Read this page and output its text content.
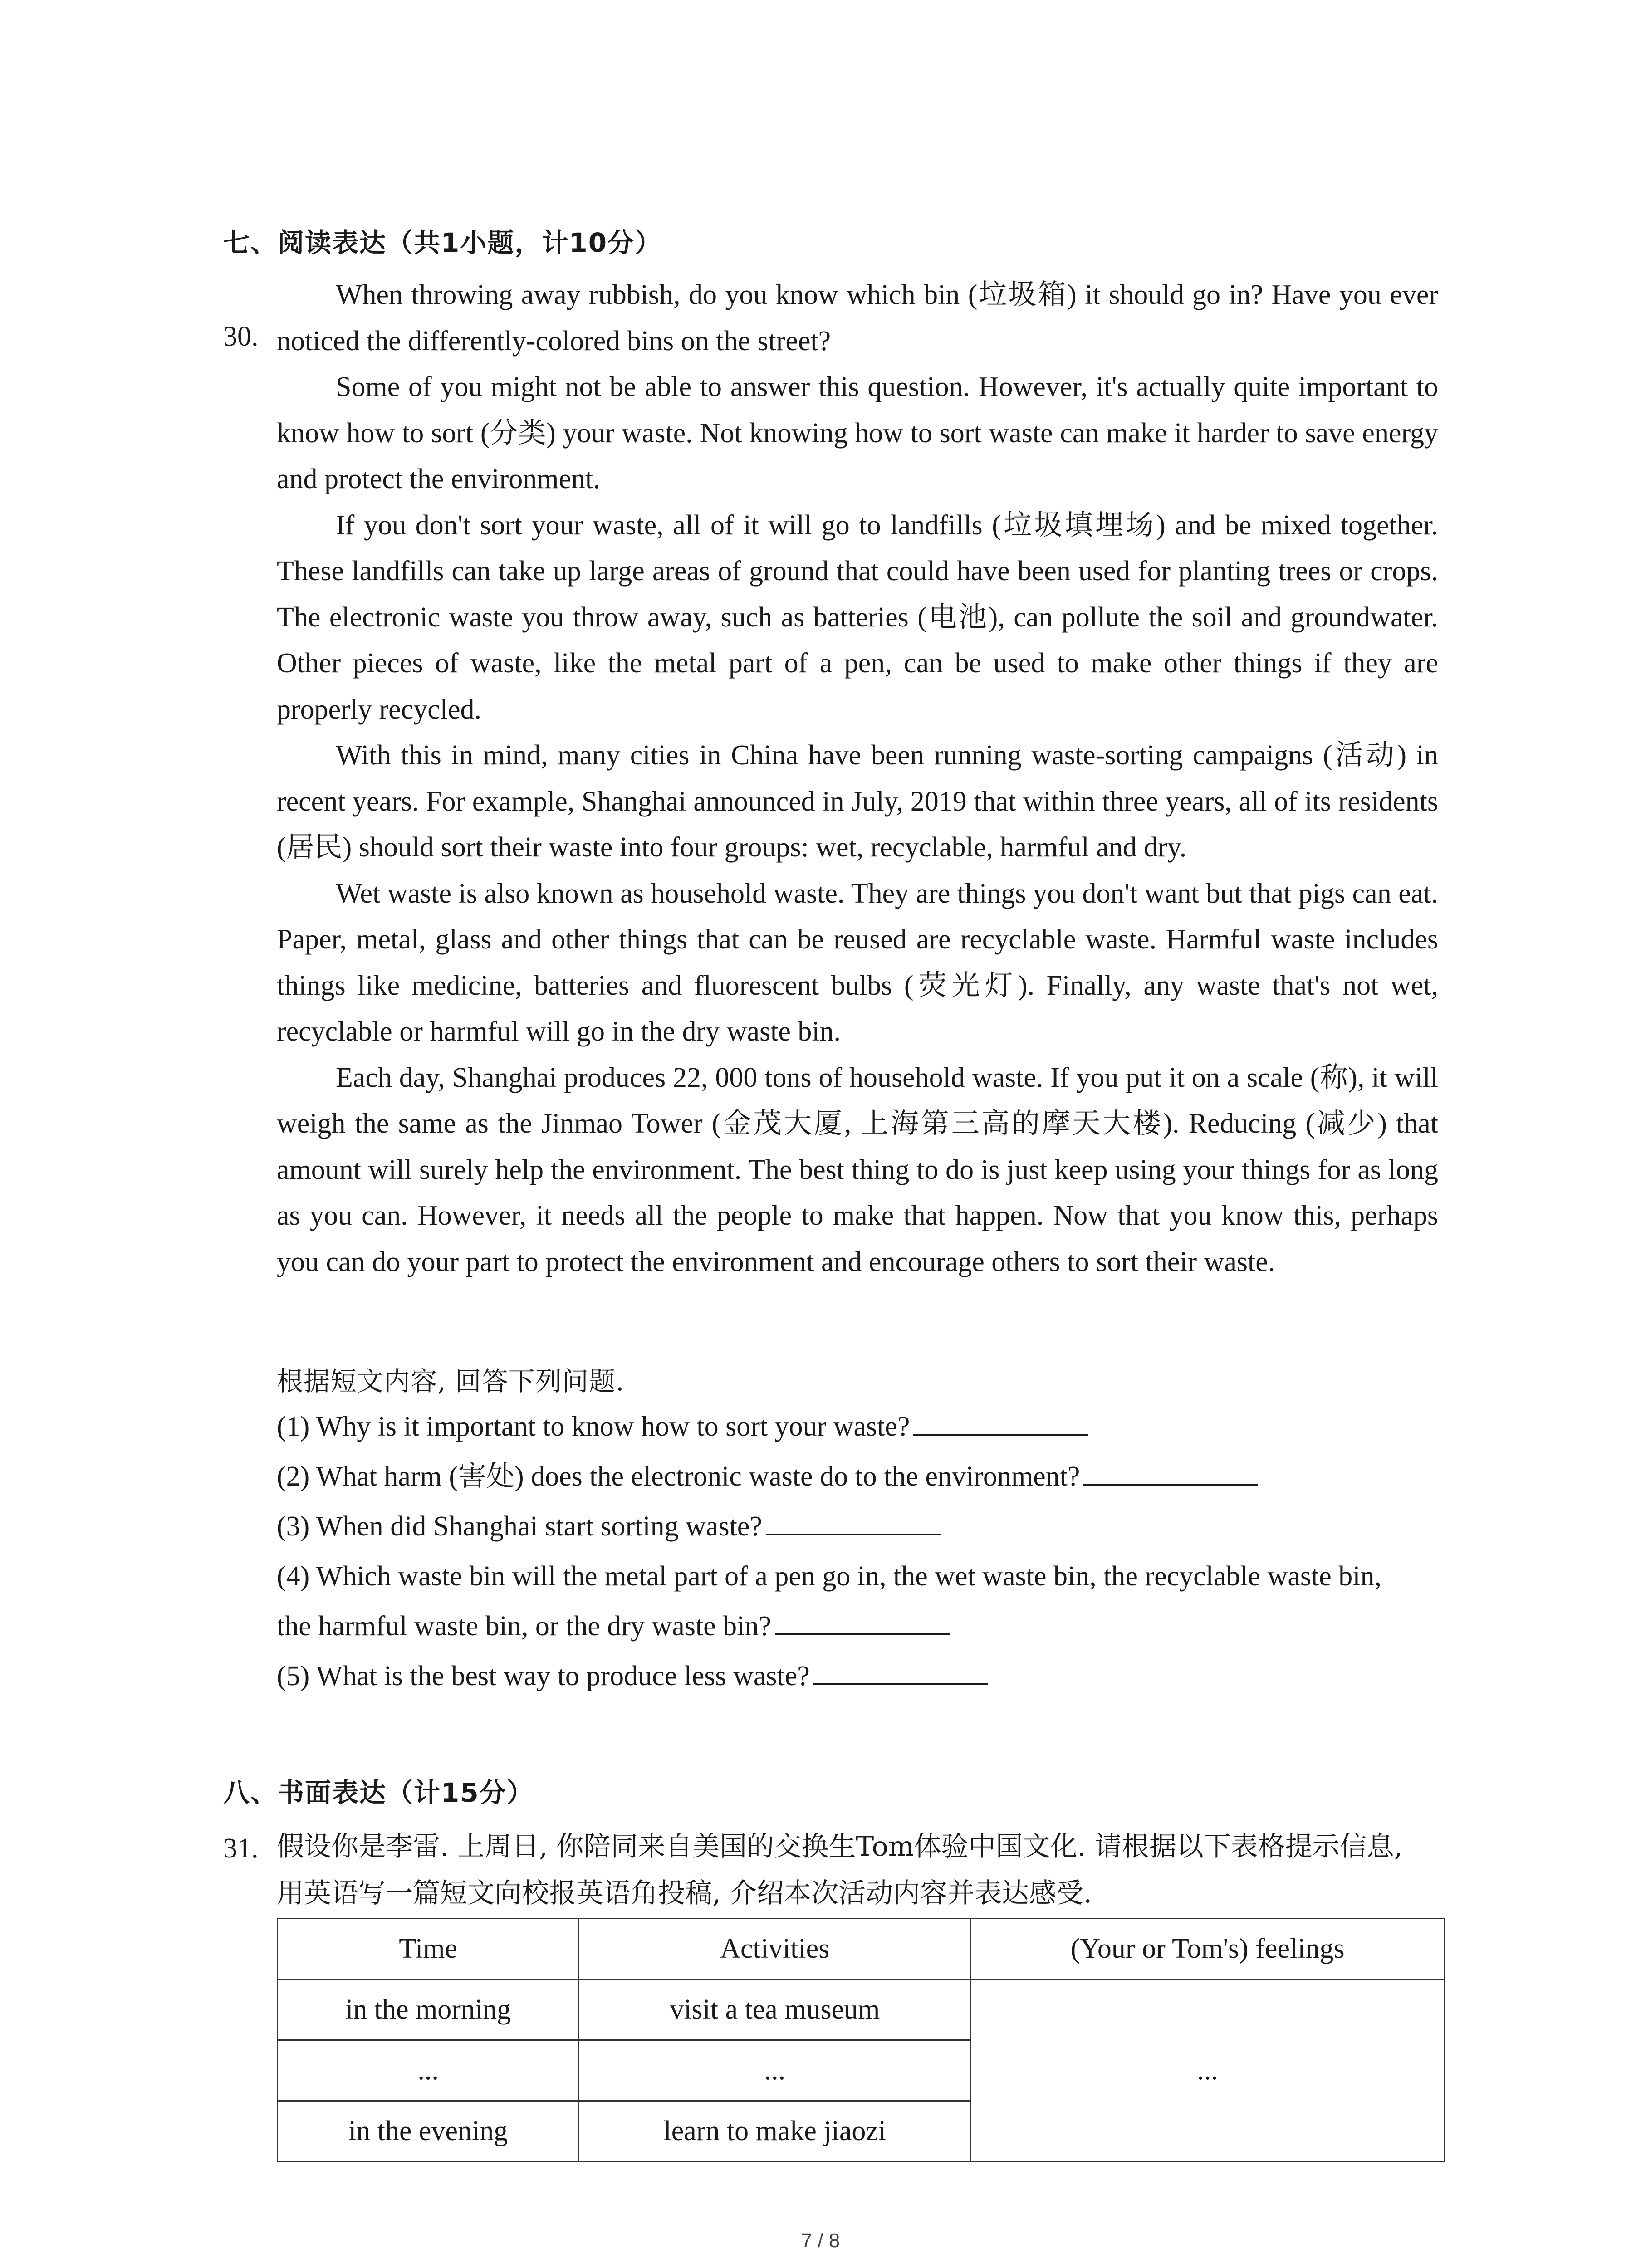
七、阅读表达（共1小题，计10分）
30.

When throwing away rubbish, do you know which bin (垃圾箱) it should go in? Have you ever noticed the differently-colored bins on the street?

Some of you might not be able to answer this question. However, it's actually quite important to know how to sort (分类) your waste. Not knowing how to sort waste can make it harder to save energy and protect the environment.

If you don't sort your waste, all of it will go to landfills (垃圾填埋场) and be mixed together. These landfills can take up large areas of ground that could have been used for planting trees or crops. The electronic waste you throw away, such as batteries (电池), can pollute the soil and groundwater. Other pieces of waste, like the metal part of a pen, can be used to make other things if they are properly recycled.

With this in mind, many cities in China have been running waste-sorting campaigns (活动) in recent years. For example, Shanghai announced in July, 2019 that within three years, all of its residents (居民) should sort their waste into four groups: wet, recyclable, harmful and dry.

Wet waste is also known as household waste. They are things you don't want but that pigs can eat. Paper, metal, glass and other things that can be reused are recyclable waste. Harmful waste includes things like medicine, batteries and fluorescent bulbs (荧光灯). Finally, any waste that's not wet, recyclable or harmful will go in the dry waste bin.

Each day, Shanghai produces 22, 000 tons of household waste. If you put it on a scale (称), it will weigh the same as the Jinmao Tower (金茂大厦, 上海第三高的摩天大楼). Reducing (减少) that amount will surely help the environment. The best thing to do is just keep using your things for as long as you can. However, it needs all the people to make that happen. Now that you know this, perhaps you can do your part to protect the environment and encourage others to sort their waste.

根据短文内容, 回答下列问题.

(1) Why is it important to know how to sort your waste?

(2) What harm (害处) does the electronic waste do to the environment?

(3) When did Shanghai start sorting waste?

(4) Which waste bin will the metal part of a pen go in, the wet waste bin, the recyclable waste bin,

the harmful waste bin, or the dry waste bin?

(5) What is the best way to produce less waste?

八、书面表达（计15分）
31. 假设你是李雷. 上周日, 你陪同来自美国的交换生Tom体验中国文化. 请根据以下表格提示信息, 用英语写一篇短文向校报英语角投稿, 介绍本次活动内容并表达感受.

Time	Activities	(Your or Tom's) feelings
in the morning	visit a tea museum	...
...	...	
in the evening	learn to make jiaozi	
7 / 8
